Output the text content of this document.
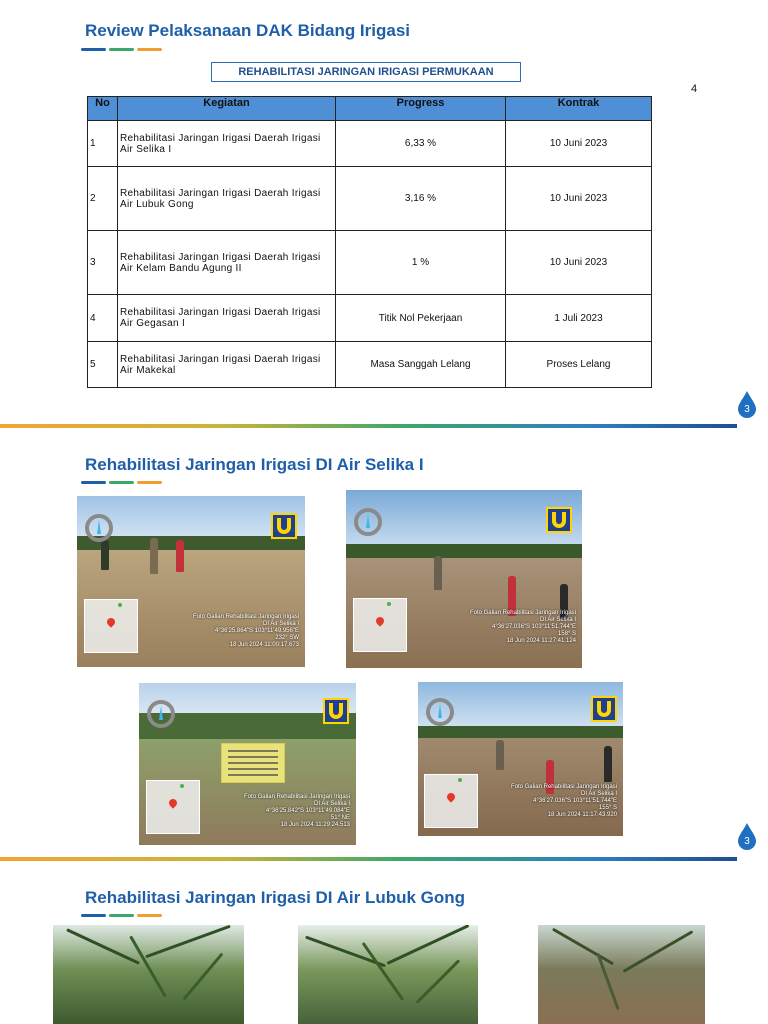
Review Pelaksanaan DAK Bidang Irigasi
REHABILITASI JARINGAN IRIGASI PERMUKAAN
4
No	Kegiatan	Progress	Kontrak
1	Rehabilitasi Jaringan Irigasi Daerah Irigasi Air Selika I	6,33 %	10 Juni 2023
2	Rehabilitasi Jaringan Irigasi Daerah Irigasi Air Lubuk Gong	3,16 %	10 Juni 2023
3	Rehabilitasi Jaringan Irigasi Daerah Irigasi Air Kelam Bandu Agung II	1 %	10 Juni 2023
4	Rehabilitasi Jaringan Irigasi Daerah Irigasi Air Gegasan I	Titik Nol Pekerjaan	1 Juli 2023
5	Rehabilitasi Jaringan Irigasi Daerah Irigasi Air Makekal	Masa Sanggah Lelang	Proses Lelang
3
Rehabilitasi Jaringan Irigasi DI Air Selika I
Foto Galian Rehabilitasi Jaringan Irigasi
DI Air Selika I
4°36'25.864"S 103°11'49.956"E
232° SW
18 Jun 2024 11:00:17.673
Foto Galian Rehabilitasi Jaringan Irigasi
DI Air Selika I
4°36'27.036"S 103°11'51.744"E
158° S
18 Jun 2024 11:27:41.124
Foto Galian Rehabilitasi Jaringan Irigasi
DI Air Selika I
4°36'25.842"S 103°11'49.084"E
51° NE
18 Jun 2024 11:29:24.513
Foto Galian Rehabilitasi Jaringan Irigasi
DI Air Selika I
4°36'27.036"S 103°11'51.744"E
155° S
18 Jun 2024 11:17:43.920
3
Rehabilitasi Jaringan Irigasi DI Air Lubuk Gong
